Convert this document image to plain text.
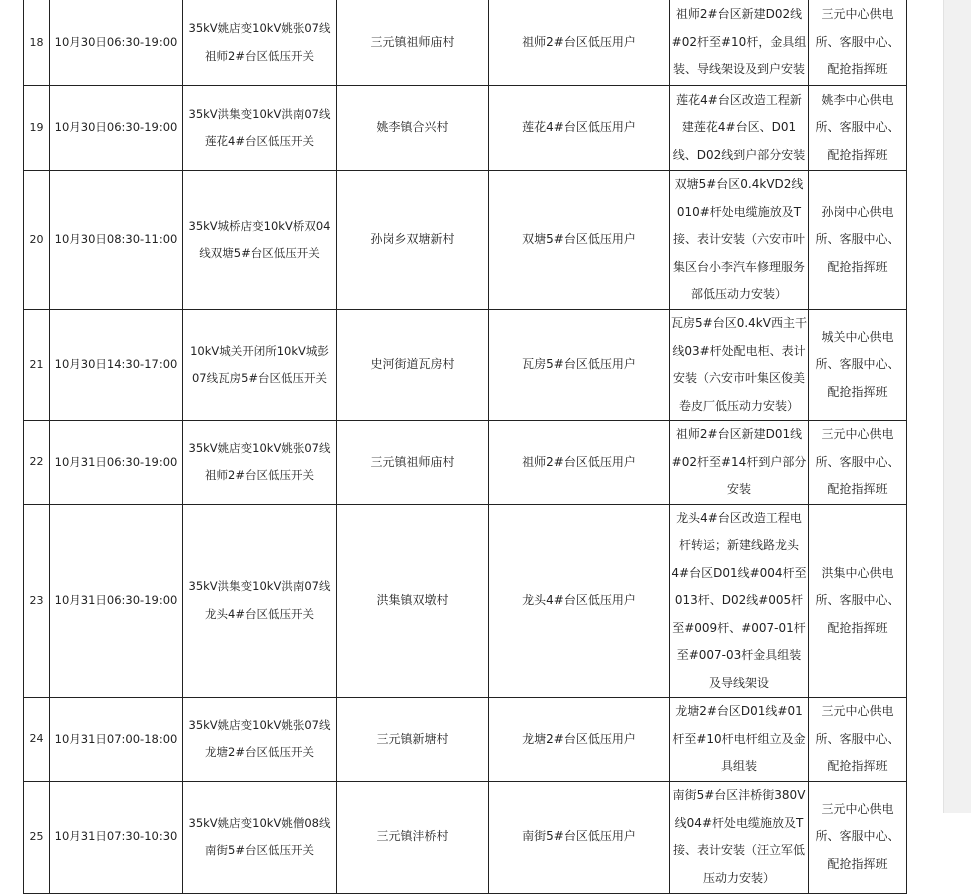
18	10月30日06:30-19:00	35kV姚店变10kV姚张07线祖师2#台区低压开关	三元镇祖师庙村	祖师2#台区低压用户	祖师2#台区新建D02线#02杆至#10杆，金具组装、导线架设及到户安装	三元中心供电所、客服中心、配抢指挥班
19	10月30日06:30-19:00	35kV洪集变10kV洪南07线莲花4#台区低压开关	姚李镇合兴村	莲花4#台区低压用户	莲花4#台区改造工程新建莲花4#台区、D01线、D02线到户部分安装	姚李中心供电所、客服中心、配抢指挥班
20	10月30日08:30-11:00	35kV城桥店变10kV桥双04线双塘5#台区低压开关	孙岗乡双塘新村	双塘5#台区低压用户	双塘5#台区0.4kVD2线010#杆处电缆施放及T接、表计安装（六安市叶集区台小李汽车修理服务部低压动力安装）	孙岗中心供电所、客服中心、配抢指挥班
21	10月30日14:30-17:00	10kV城关开闭所10kV城彭07线瓦房5#台区低压开关	史河街道瓦房村	瓦房5#台区低压用户	瓦房5#台区0.4kV西主干线03#杆处配电柜、表计安装（六安市叶集区俊美卷皮厂低压动力安装）	城关中心供电所、客服中心、配抢指挥班
22	10月31日06:30-19:00	35kV姚店变10kV姚张07线祖师2#台区低压开关	三元镇祖师庙村	祖师2#台区低压用户	祖师2#台区新建D01线#02杆至#14杆到户部分安装	三元中心供电所、客服中心、配抢指挥班
23	10月31日06:30-19:00	35kV洪集变10kV洪南07线龙头4#台区低压开关	洪集镇双墩村	龙头4#台区低压用户	龙头4#台区改造工程电杆转运；新建线路龙头4#台区D01线#004杆至013杆、D02线#005杆至#009杆、#007-01杆至#007-03杆金具组装及导线架设	洪集中心供电所、客服中心、配抢指挥班
24	10月31日07:00-18:00	35kV姚店变10kV姚张07线龙塘2#台区低压开关	三元镇新塘村	龙塘2#台区低压用户	龙塘2#台区D01线#01杆至#10杆电杆组立及金具组装	三元中心供电所、客服中心、配抢指挥班
25	10月31日07:30-10:30	35kV姚店变10kV姚僧08线南街5#台区低压开关	三元镇沣桥村	南街5#台区低压用户	南街5#台区沣桥街380V线04#杆处电缆施放及T接、表计安装（汪立军低压动力安装）	三元中心供电所、客服中心、配抢指挥班
